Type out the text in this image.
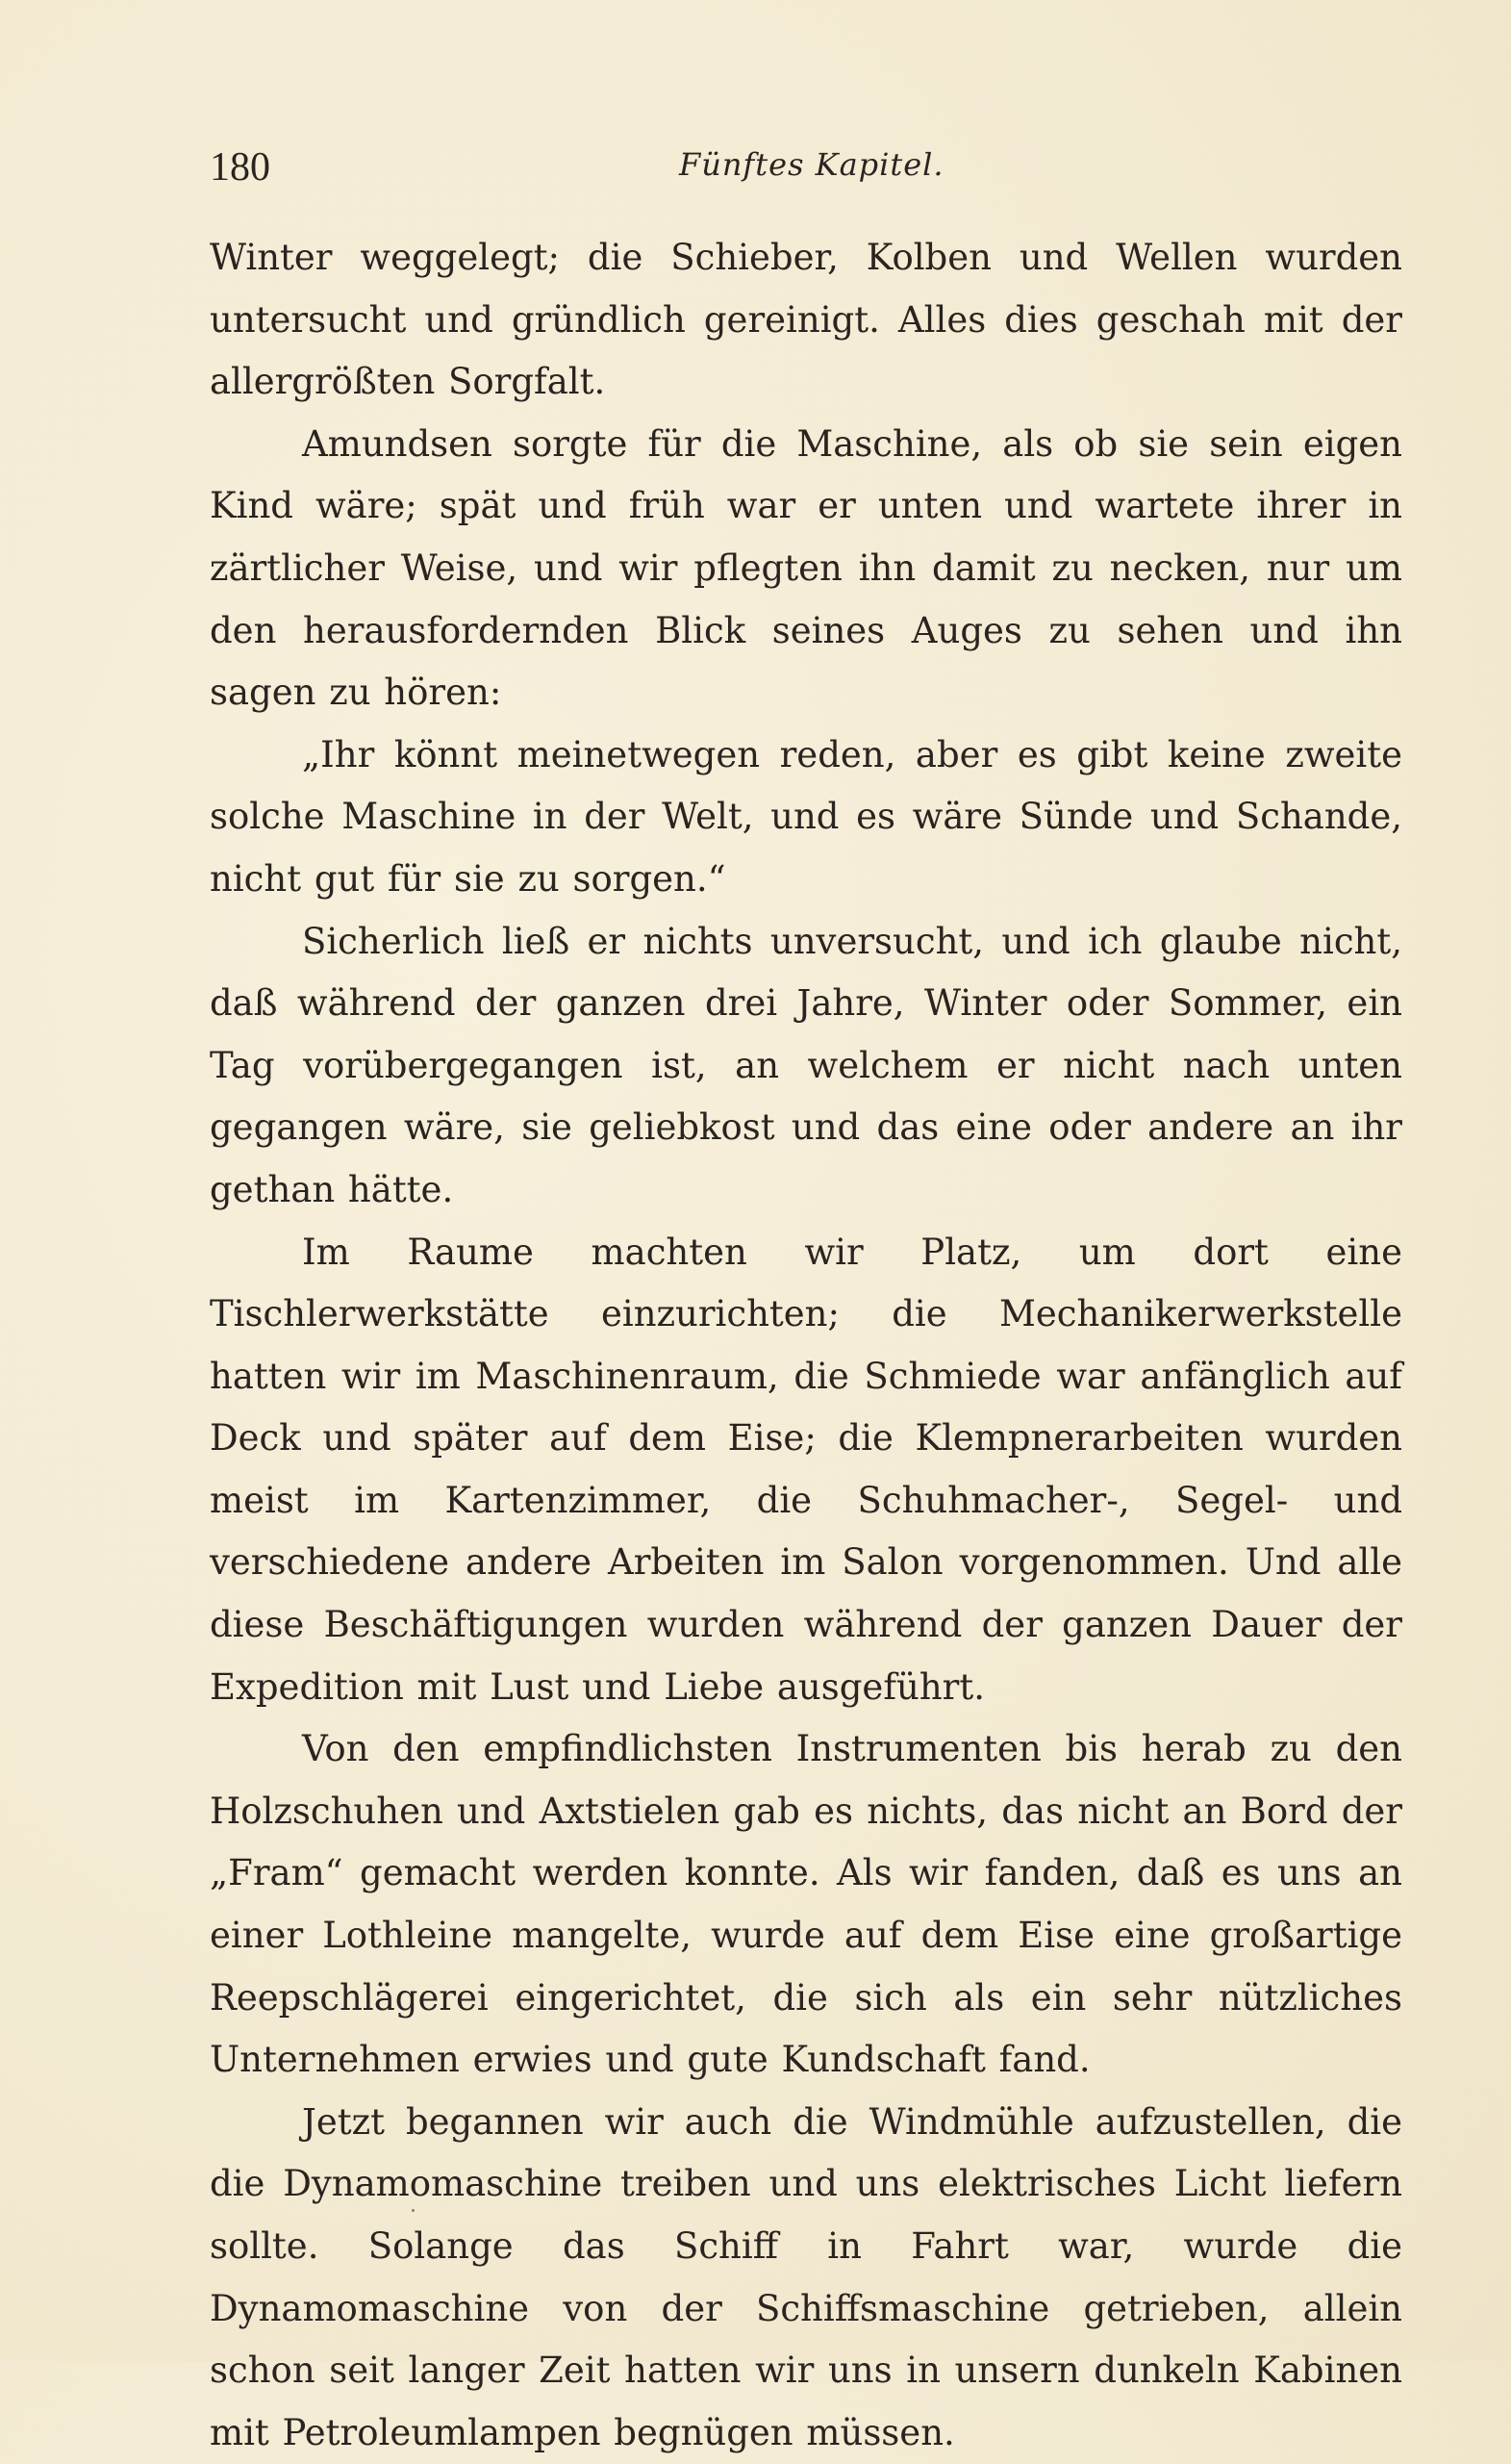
180	Fünftes Kapitel.

Winter weggelegt; die Schieber, Kolben und Wellen wurden untersucht und gründlich gereinigt. Alles dies geschah mit der allergrößten Sorgfalt.

Amundsen sorgte für die Maschine, als ob sie sein eigen Kind wäre; spät und früh war er unten und wartete ihrer in zärtlicher Weise, und wir pflegten ihn damit zu necken, nur um den herausfordernden Blick seines Auges zu sehen und ihn sagen zu hören:

„Ihr könnt meinetwegen reden, aber es gibt keine zweite solche Maschine in der Welt, und es wäre Sünde und Schande, nicht gut für sie zu sorgen.“

Sicherlich ließ er nichts unversucht, und ich glaube nicht, daß während der ganzen drei Jahre, Winter oder Sommer, ein Tag vorübergegangen ist, an welchem er nicht nach unten gegangen wäre, sie geliebkost und das eine oder andere an ihr gethan hätte.

Im Raume machten wir Platz, um dort eine Tischlerwerkstätte einzurichten; die Mechanikerwerkstelle hatten wir im Maschinenraum, die Schmiede war anfänglich auf Deck und später auf dem Eise; die Klempnerarbeiten wurden meist im Kartenzimmer, die Schuhmacher-, Segel- und verschiedene andere Arbeiten im Salon vorgenommen. Und alle diese Beschäftigungen wurden während der ganzen Dauer der Expedition mit Lust und Liebe ausgeführt.

Von den empfindlichsten Instrumenten bis herab zu den Holzschuhen und Axtstielen gab es nichts, das nicht an Bord der „Fram“ gemacht werden konnte. Als wir fanden, daß es uns an einer Lothleine mangelte, wurde auf dem Eise eine großartige Reepschlägerei eingerichtet, die sich als ein sehr nützliches Unternehmen erwies und gute Kundschaft fand.

Jetzt begannen wir auch die Windmühle aufzustellen, die die Dynamomaschine treiben und uns elektrisches Licht liefern sollte. Solange das Schiff in Fahrt war, wurde die Dynamomaschine von der Schiffsmaschine getrieben, allein schon seit langer Zeit hatten wir uns in unsern dunkeln Kabinen mit Petroleumlampen begnügen müssen.
